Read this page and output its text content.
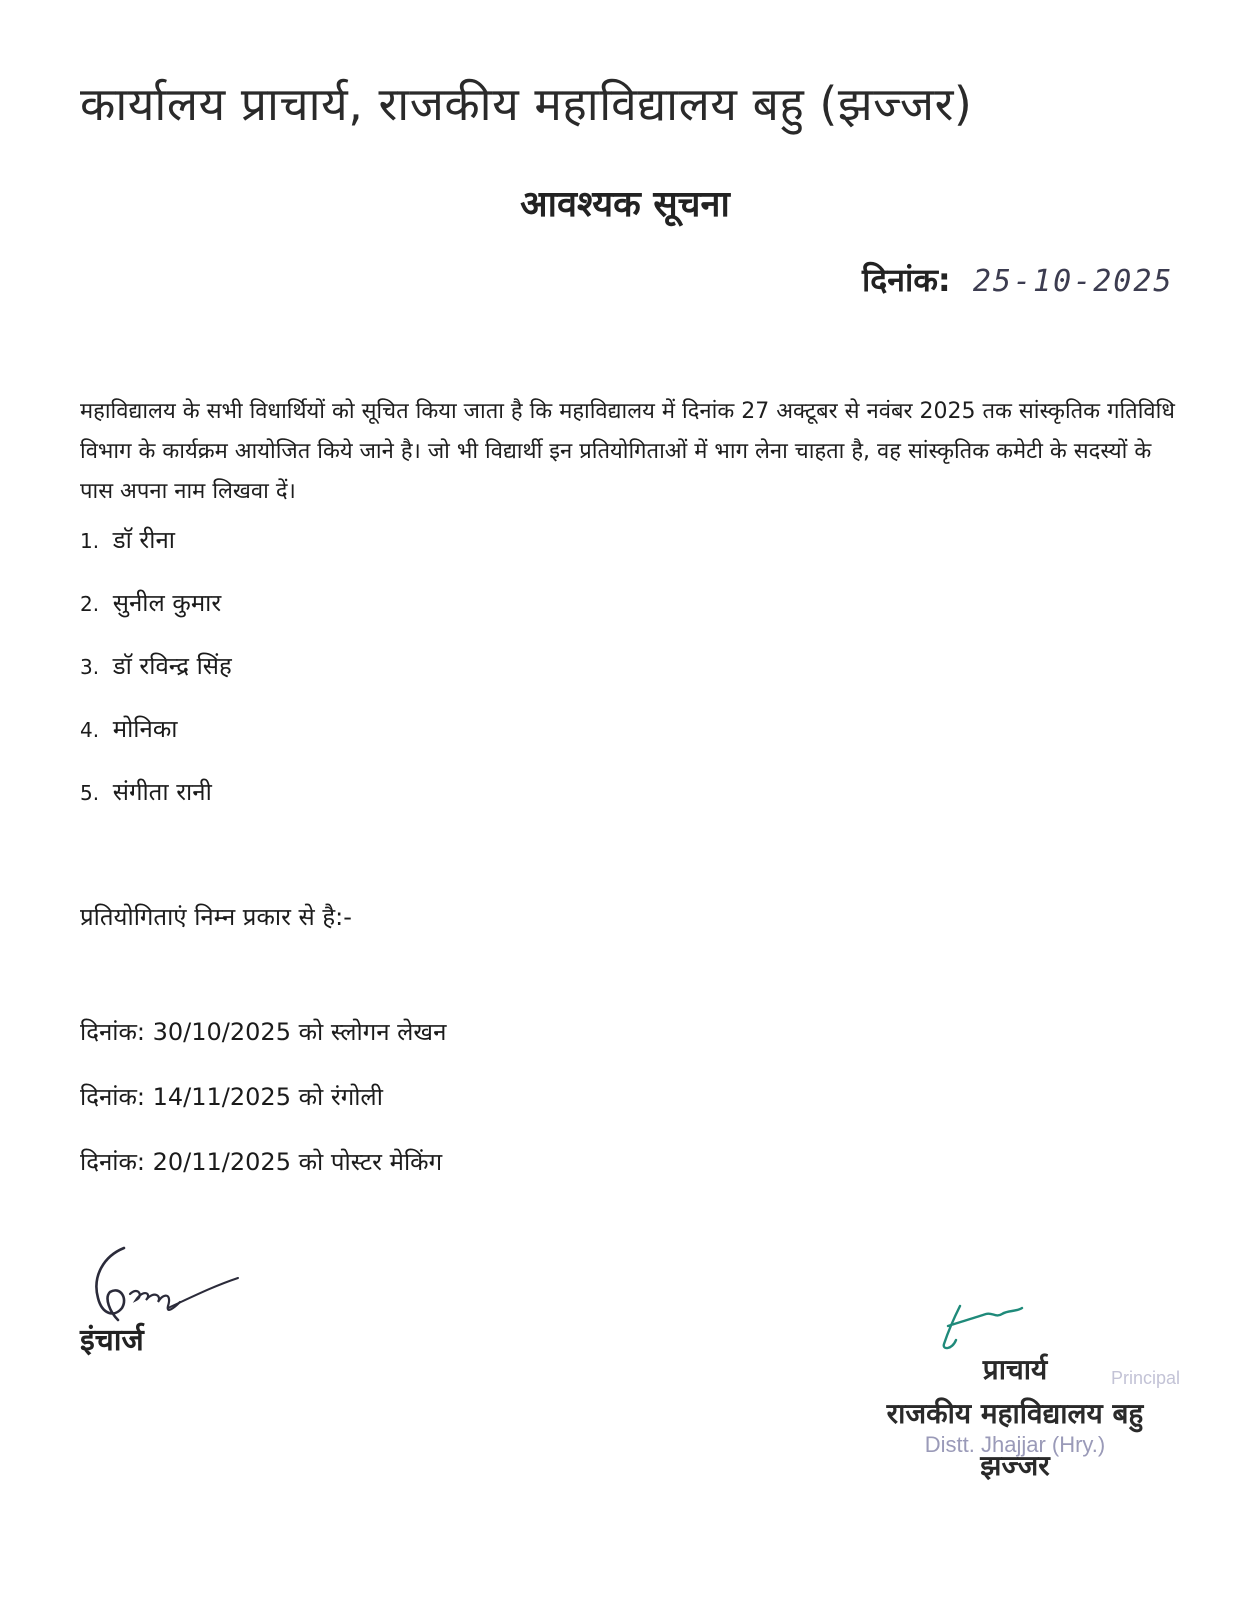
कार्यालय प्राचार्य, राजकीय महाविद्यालय बहु (झज्जर)
आवश्यक सूचना
दिनांक: 25-10-2025
महाविद्यालय के सभी विधार्थियों को सूचित किया जाता है कि महाविद्यालय में दिनांक 27 अक्टूबर से नवंबर 2025 तक सांस्कृतिक गतिविधि विभाग के कार्यक्रम आयोजित किये जाने है। जो भी विद्यार्थी इन प्रतियोगिताओं में भाग लेना चाहता है, वह सांस्कृतिक कमेटी के सदस्यों के पास अपना नाम लिखवा दें।
1. डाॅ रीना
2. सुनील कुमार
3. डाॅ रविन्द्र सिंह
4. मोनिका
5. संगीता रानी
प्रतियोगिताएं निम्न प्रकार से है:-
दिनांक: 30/10/2025 को स्लोगन लेखन
दिनांक: 14/11/2025 को रंगोली
दिनांक: 20/11/2025 को पोस्टर मेकिंग
इंचार्ज
Principal
Distt. Jhajjar (Hry.)
प्राचार्य
राजकीय महाविद्यालय बहु
झज्जर
